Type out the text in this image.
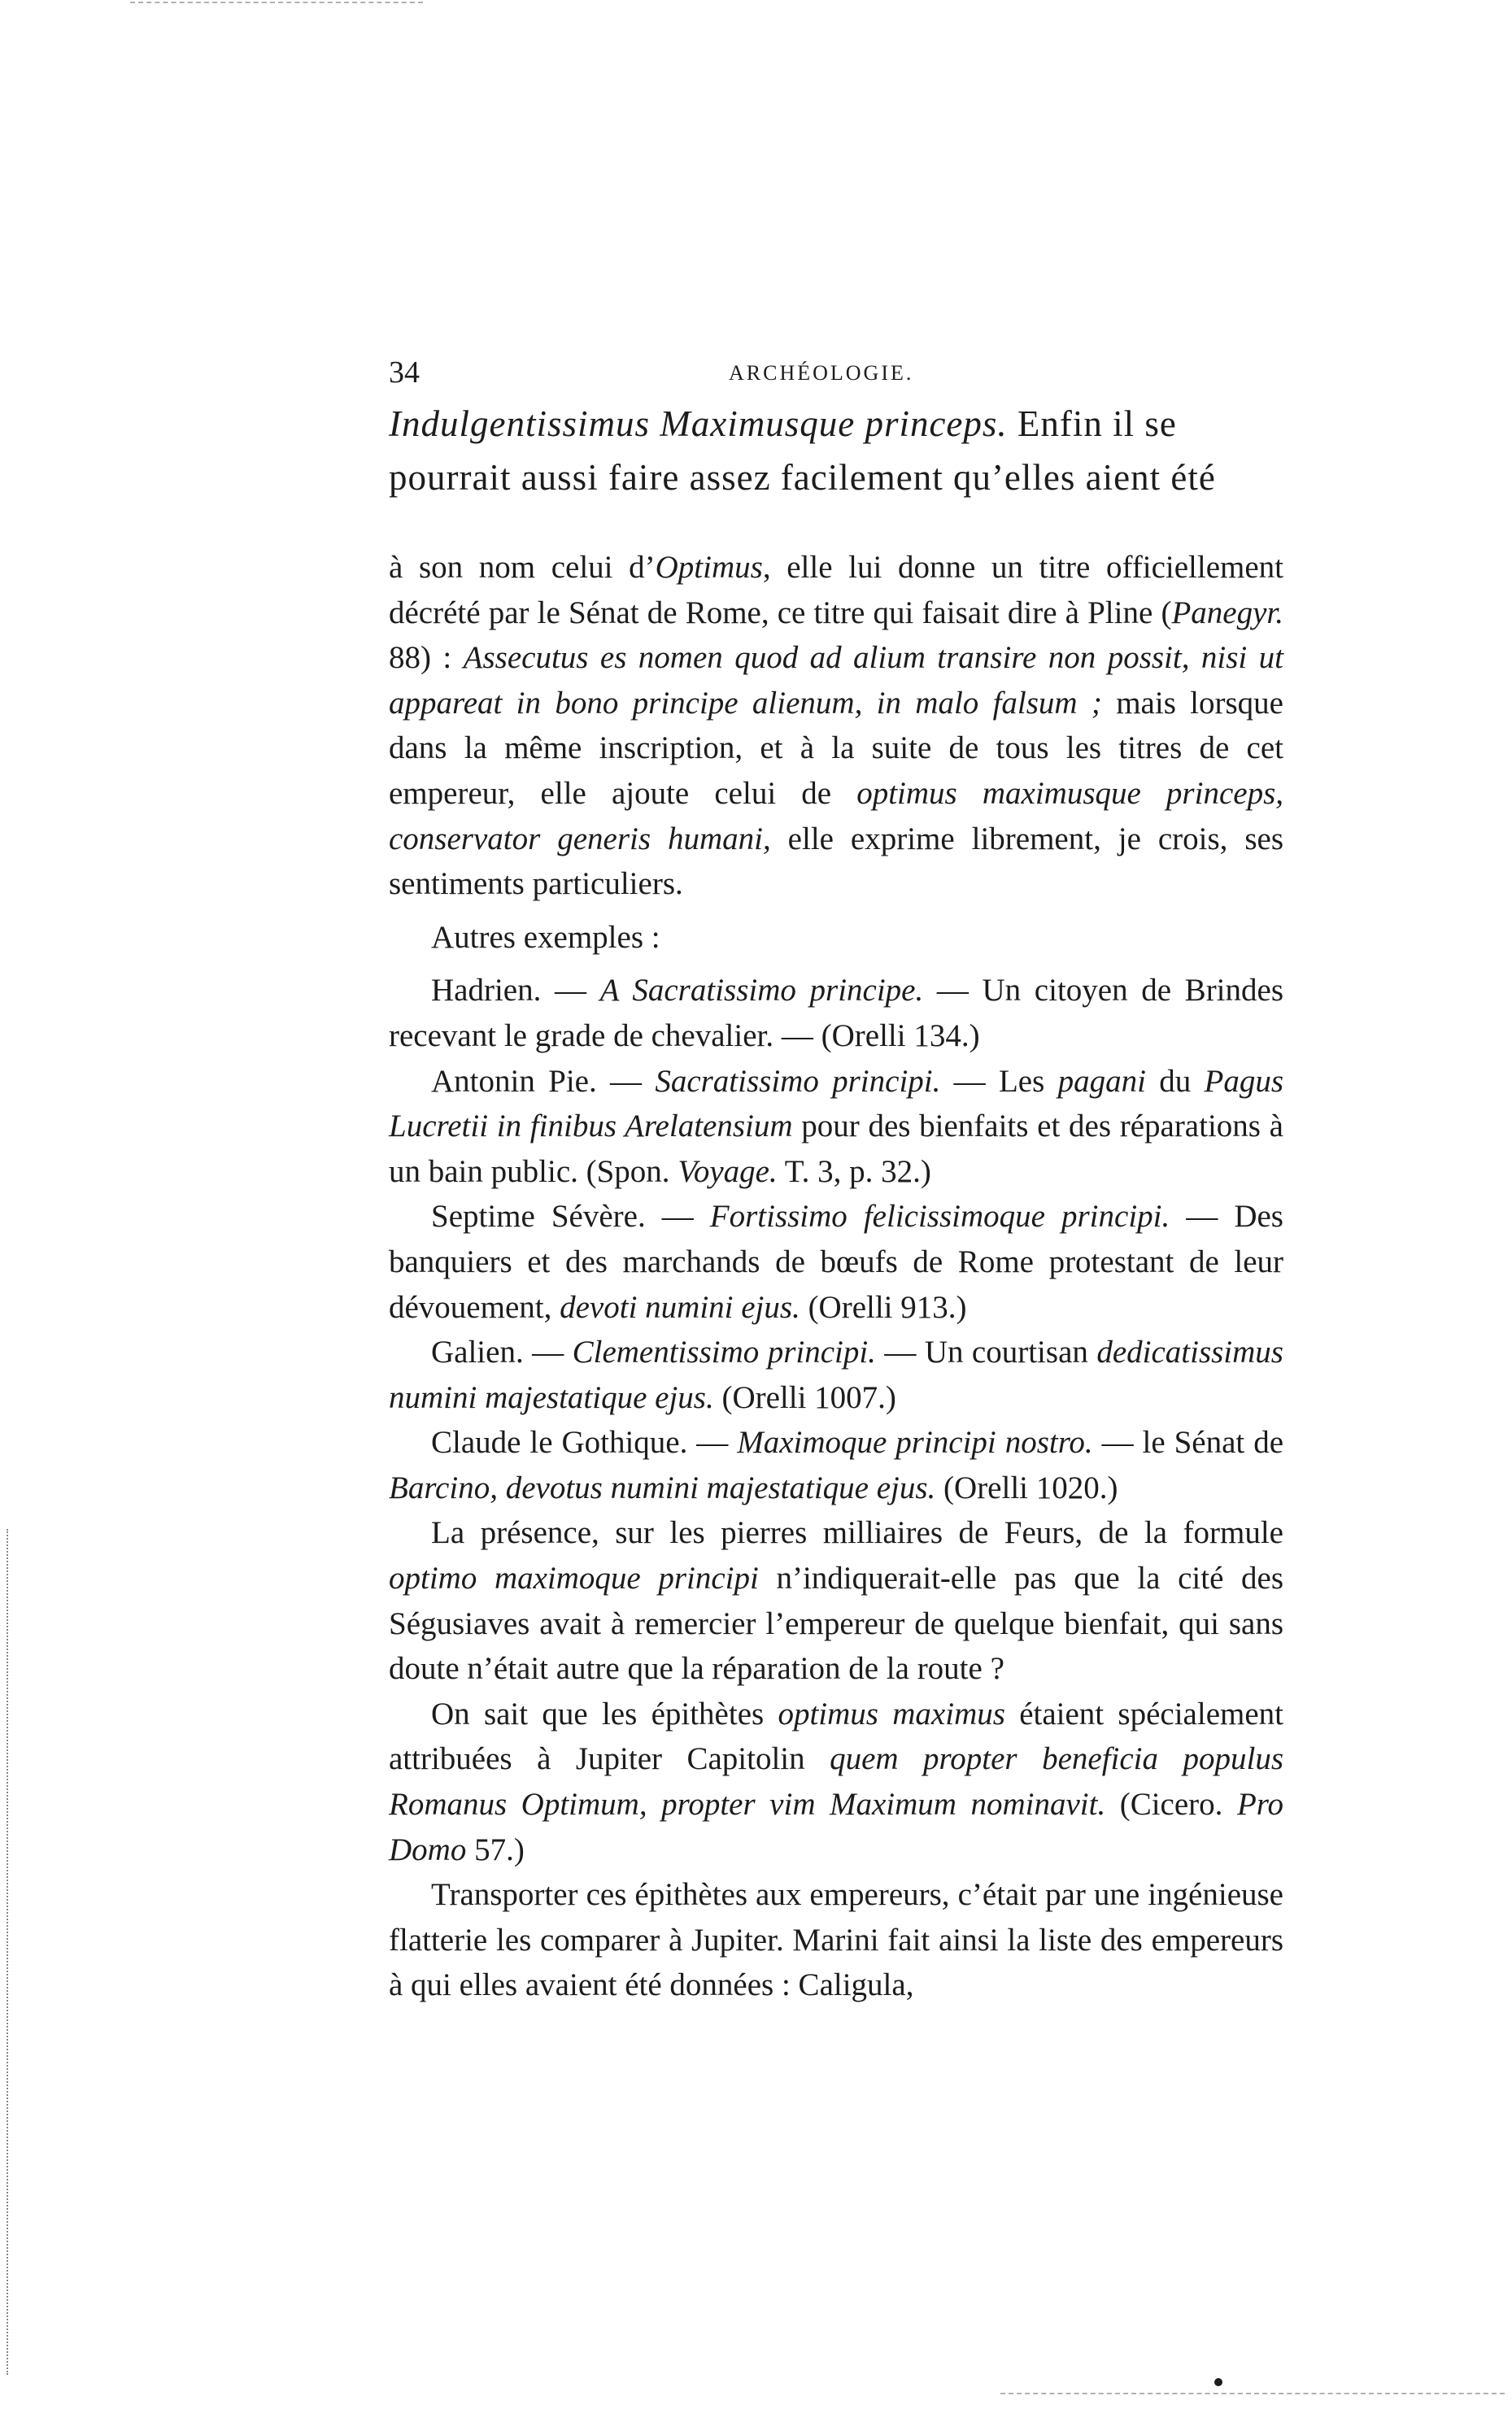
34	ARCHÉOLOGIE.
Indulgentissimus Maximusque princeps. Enfin il se
pourrait aussi faire assez facilement qu’elles aient été

à son nom celui d’Optimus, elle lui donne un titre officiellement décrété par le Sénat de Rome, ce titre qui faisait dire à Pline (Panegyr. 88) : Assecutus es nomen quod ad alium transire non possit, nisi ut appareat in bono principe alienum, in malo falsum ; mais lorsque dans la même inscription, et à la suite de tous les titres de cet empereur, elle ajoute celui de optimus maximusque princeps, conservator generis humani, elle exprime librement, je crois, ses sentiments particuliers.

Autres exemples :

Hadrien. — A Sacratissimo principe. — Un citoyen de Brindes recevant le grade de chevalier. — (Orelli 134.)

Antonin Pie. — Sacratissimo principi. — Les pagani du Pagus Lucretii in finibus Arelatensium pour des bienfaits et des réparations à un bain public. (Spon. Voyage. T. 3, p. 32.)

Septime Sévère. — Fortissimo felicissimoque principi. — Des banquiers et des marchands de bœufs de Rome protestant de leur dévouement, devoti numini ejus. (Orelli 913.)

Galien. — Clementissimo principi. — Un courtisan dedicatissimus numini majestatique ejus. (Orelli 1007.)

Claude le Gothique. — Maximoque principi nostro. — le Sénat de Barcino, devotus numini majestatique ejus. (Orelli 1020.)

La présence, sur les pierres milliaires de Feurs, de la formule optimo maximoque principi n’indiquerait-elle pas que la cité des Ségusiaves avait à remercier l’empereur de quelque bienfait, qui sans doute n’était autre que la réparation de la route ?

On sait que les épithètes optimus maximus étaient spécialement attribuées à Jupiter Capitolin quem propter beneficia populus Romanus Optimum, propter vim Maximum nominavit. (Cicero. Pro Domo 57.)

Transporter ces épithètes aux empereurs, c’était par une ingénieuse flatterie les comparer à Jupiter. Marini fait ainsi la liste des empereurs à qui elles avaient été données : Caligula,
